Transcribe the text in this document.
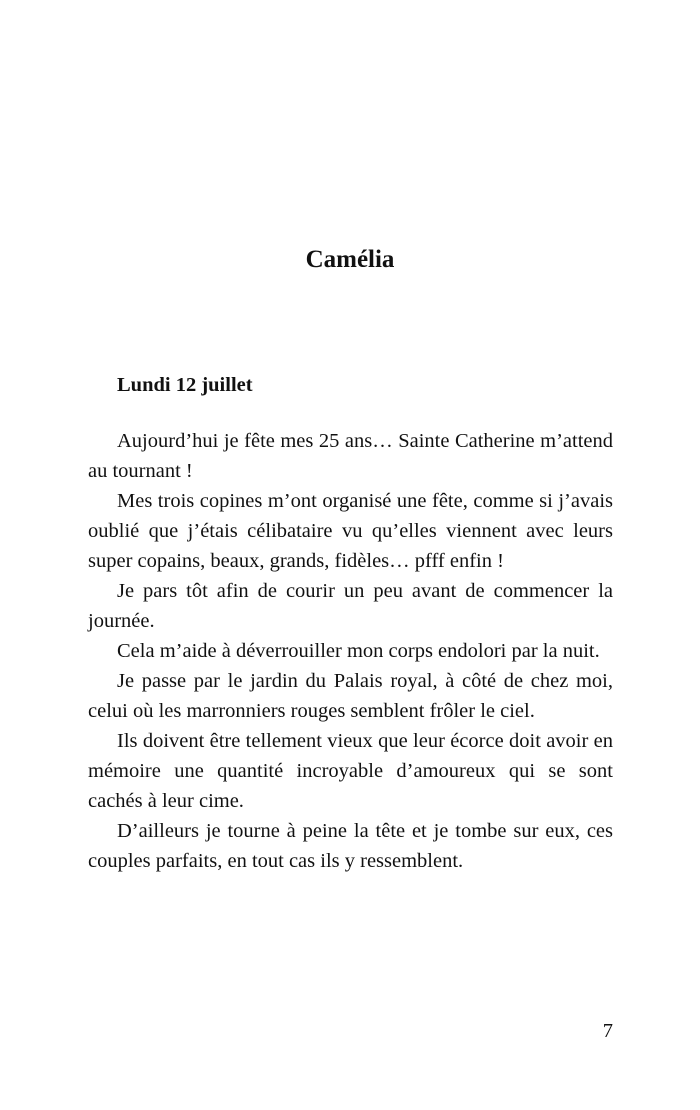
Camélia
Lundi 12 juillet

Aujourd’hui je fête mes 25 ans… Sainte Catherine m’attend au tournant !

Mes trois copines m’ont organisé une fête, comme si j’avais oublié que j’étais célibataire vu qu’elles viennent avec leurs super copains, beaux, grands, fidèles… pfff enfin !

Je pars tôt afin de courir un peu avant de commencer la journée.

Cela m’aide à déverrouiller mon corps endolori par la nuit.

Je passe par le jardin du Palais royal, à côté de chez moi, celui où les marronniers rouges semblent frôler le ciel.

Ils doivent être tellement vieux que leur écorce doit avoir en mémoire une quantité incroyable d’amoureux qui se sont cachés à leur cime.

D’ailleurs je tourne à peine la tête et je tombe sur eux, ces couples parfaits, en tout cas ils y ressemblent.

7
